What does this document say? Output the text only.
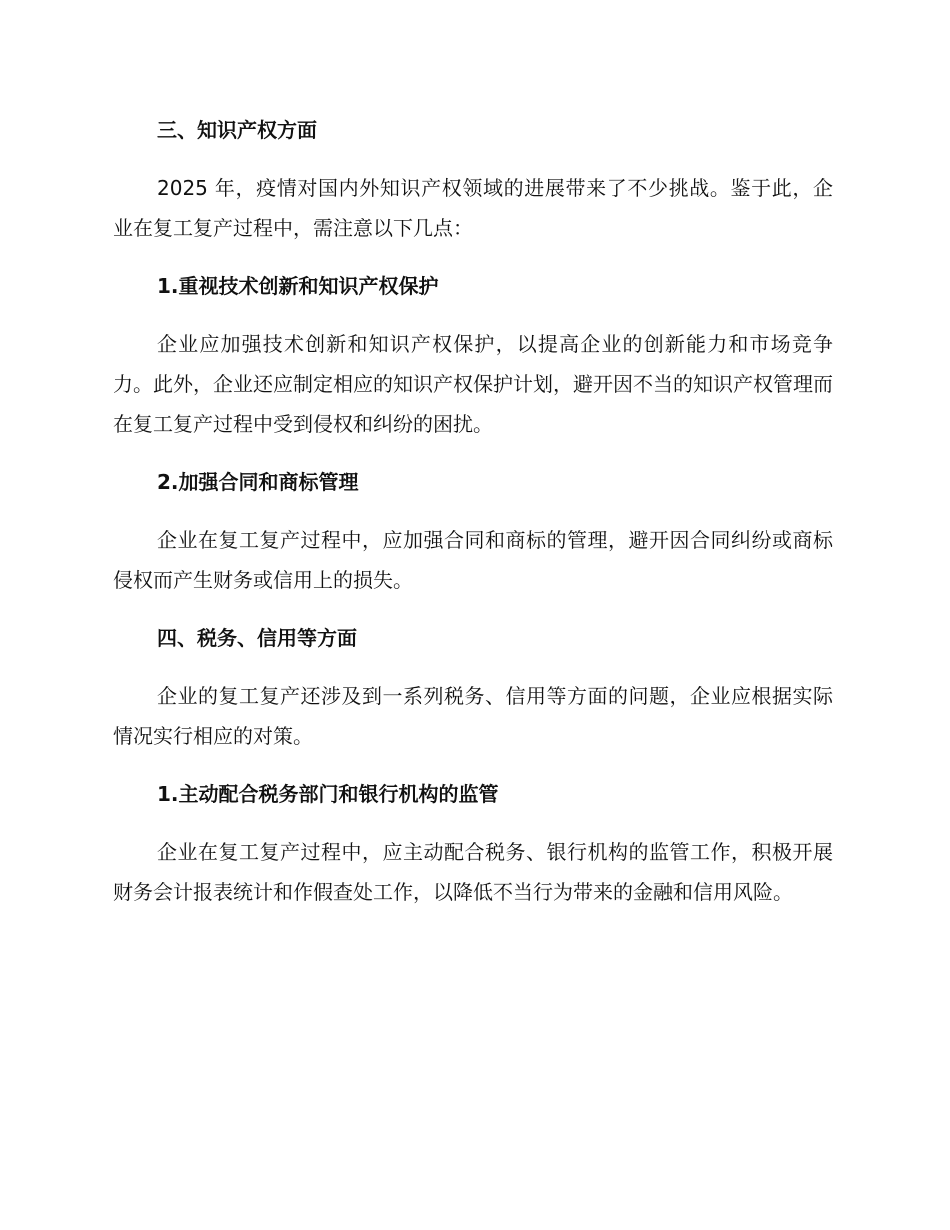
三、知识产权方面
2025 年，疫情对国内外知识产权领域的进展带来了不少挑战。鉴于此，企业在复工复产过程中，需注意以下几点：
1.重视技术创新和知识产权保护
企业应加强技术创新和知识产权保护，以提高企业的创新能力和市场竞争力。此外，企业还应制定相应的知识产权保护计划，避开因不当的知识产权管理而在复工复产过程中受到侵权和纠纷的困扰。
2.加强合同和商标管理
企业在复工复产过程中，应加强合同和商标的管理，避开因合同纠纷或商标侵权而产生财务或信用上的损失。
四、税务、信用等方面
企业的复工复产还涉及到一系列税务、信用等方面的问题，企业应根据实际情况实行相应的对策。
1.主动配合税务部门和银行机构的监管
企业在复工复产过程中，应主动配合税务、银行机构的监管工作，积极开展财务会计报表统计和作假查处工作，以降低不当行为带来的金融和信用风险。
